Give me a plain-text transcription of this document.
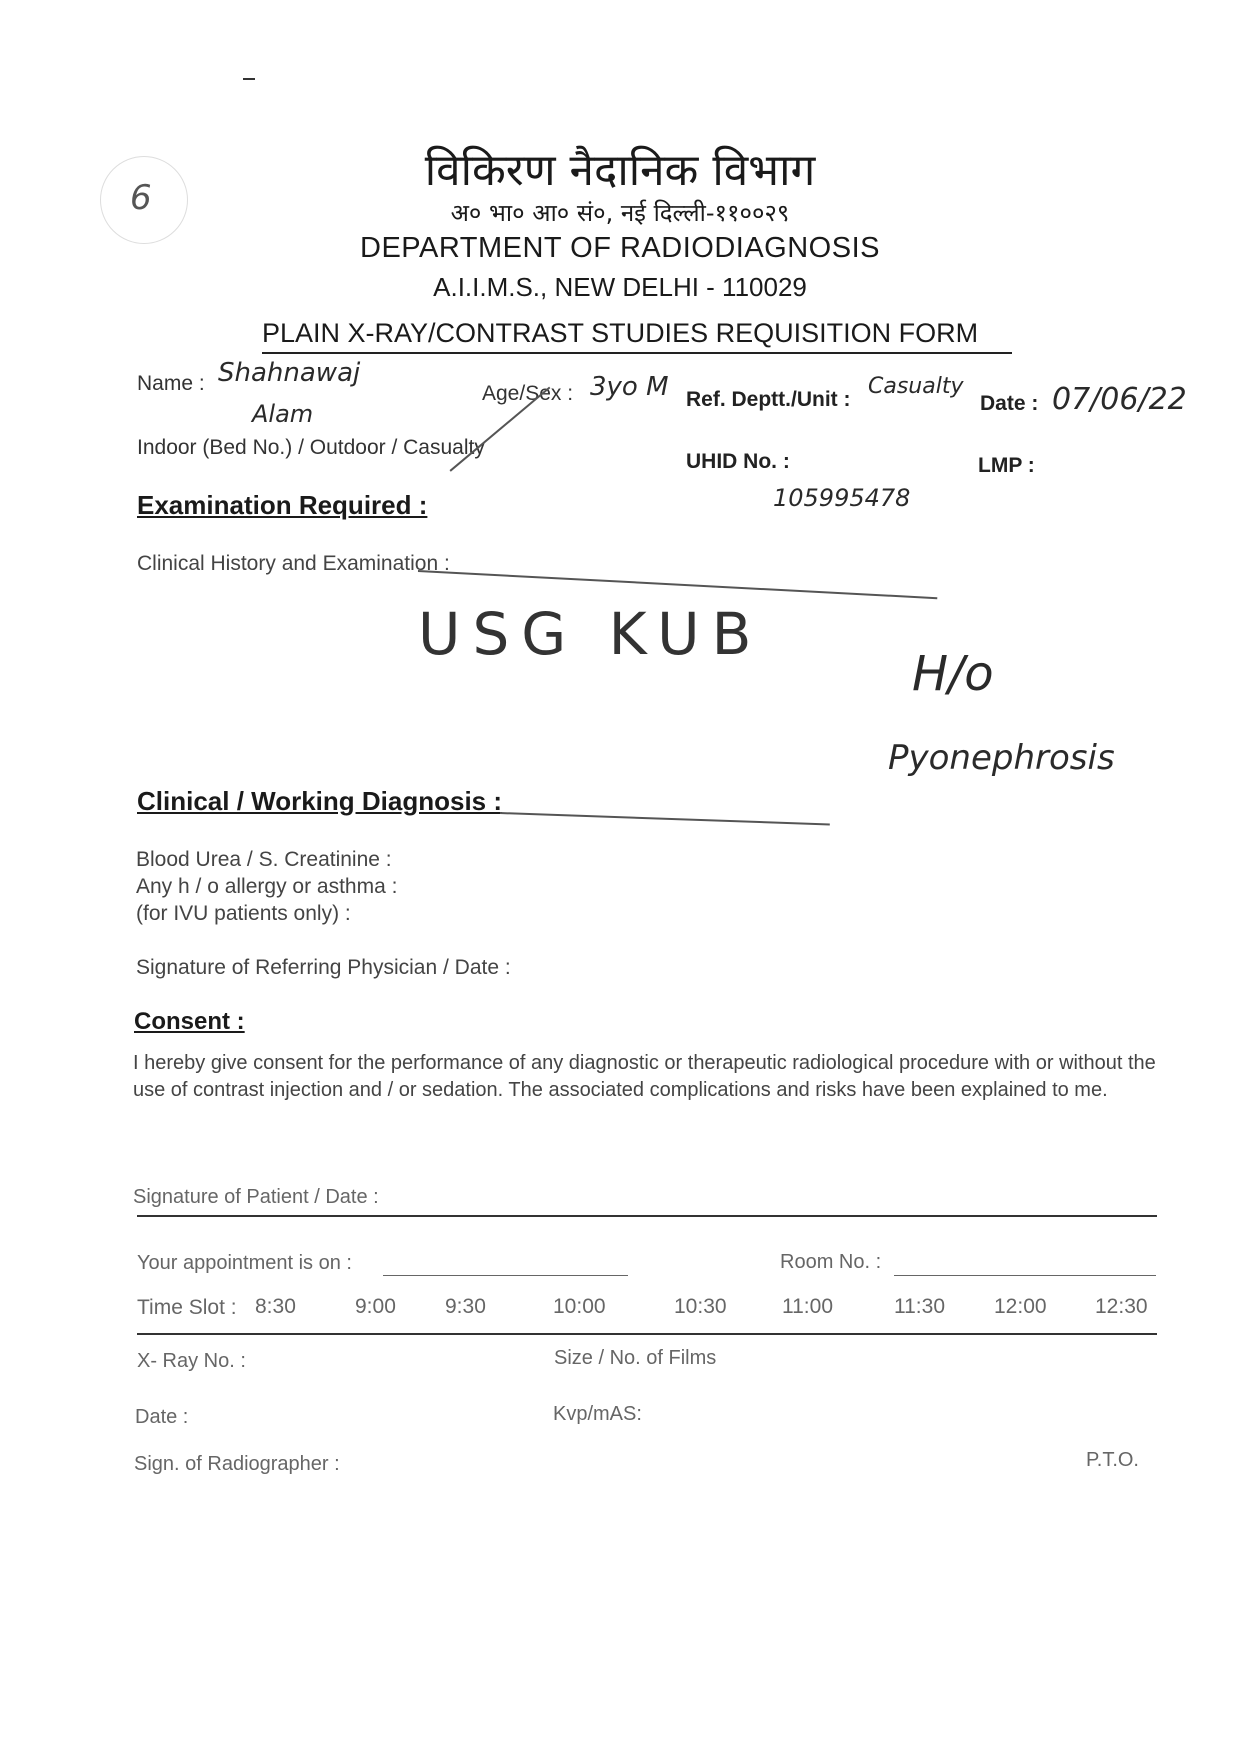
6
विकिरण नैदानिक विभाग
अ० भा० आ० सं०, नई दिल्ली-११००२९
DEPARTMENT OF RADIODIAGNOSIS
A.I.I.M.S., NEW DELHI - 110029
PLAIN X-RAY/CONTRAST STUDIES REQUISITION FORM
Name : Shahnawaj
Alam
Age/Sex : 3yo M Ref. Deptt./Unit :
Casualty
Date : 07/06/22
Indoor (Bed No.) / Outdoor / Casualty
UHID No. :
105995478
LMP :
Examination Required :
Clinical History and Examination :
USG KUB
H/o
Pyonephrosis
Clinical / Working Diagnosis :
Blood Urea / S. Creatinine :
Any h / o allergy or asthma :
(for IVU patients only) :
Signature of Referring Physician / Date :
Consent :
I hereby give consent for the performance of any diagnostic or therapeutic radiological procedure with or without the use of contrast injection and / or sedation. The associated complications and risks have been explained to me.
Signature of Patient / Date :
Your appointment is on :	Room No. :
Time Slot : 8:30	9:00 9:30	10:00	10:30	11:00	11:30 12:00 12:30
X- Ray No. :	Size / No. of Films
Date :	Kvp/mAS:
Sign. of Radiographer :	P.T.O.
